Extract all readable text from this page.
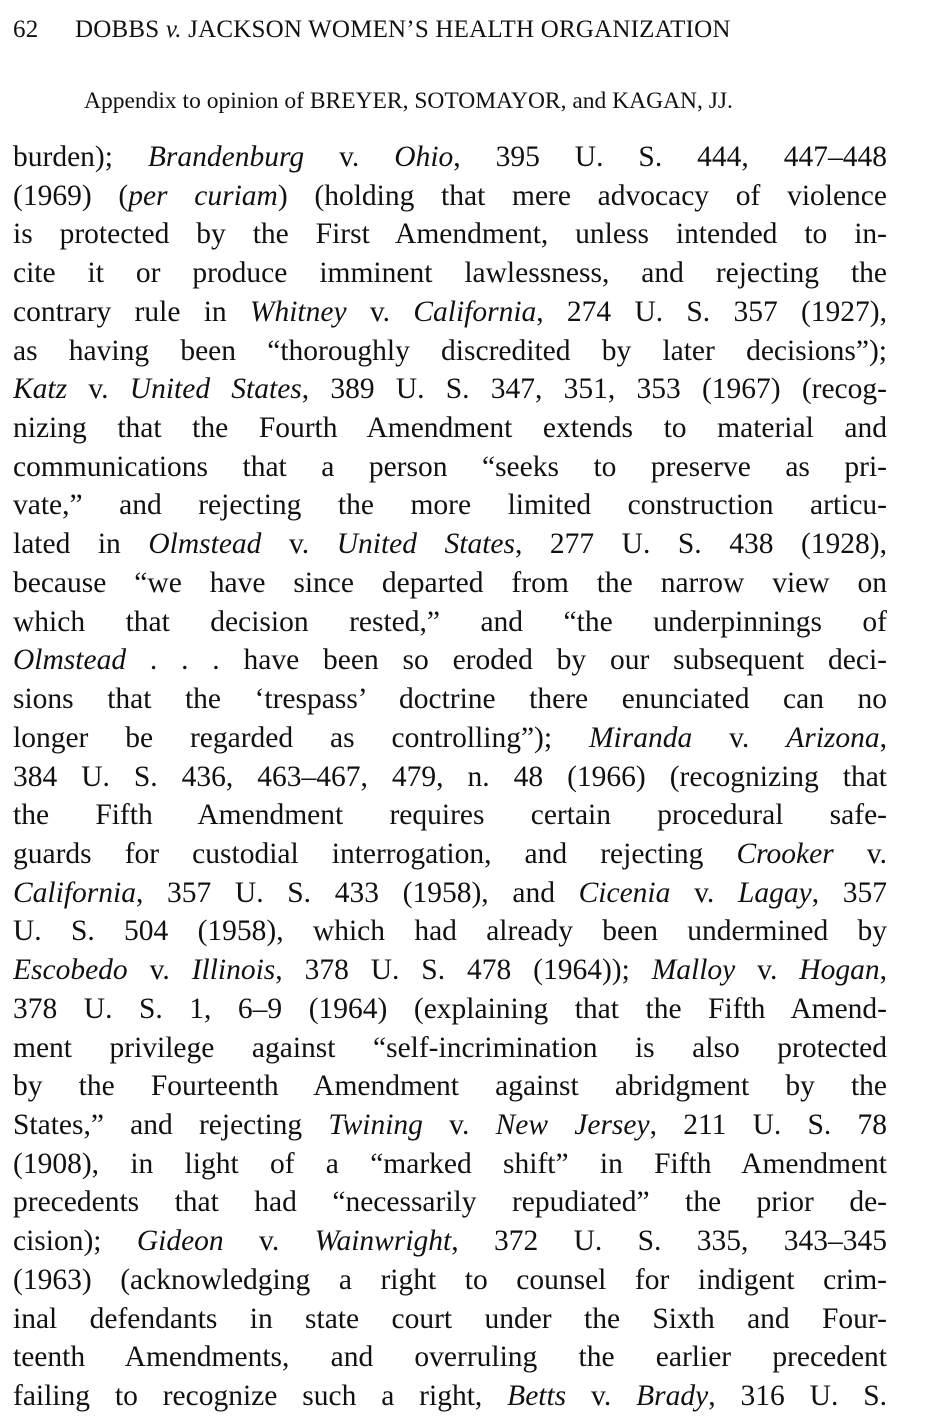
62 DOBBS v. JACKSON WOMEN’S HEALTH ORGANIZATION
Appendix to opinion of BREYER, SOTOMAYOR, and KAGAN, JJ.
burden); Brandenburg v. Ohio, 395 U. S. 444, 447–448
(1969) (per curiam) (holding that mere advocacy of violence
is protected by the First Amendment, unless intended to in-
cite it or produce imminent lawlessness, and rejecting the
contrary rule in Whitney v. California, 274 U. S. 357 (1927),
as having been “thoroughly discredited by later decisions”);
Katz v. United States, 389 U. S. 347, 351, 353 (1967) (recog-
nizing that the Fourth Amendment extends to material and
communications that a person “seeks to preserve as pri-
vate,” and rejecting the more limited construction articu-
lated in Olmstead v. United States, 277 U. S. 438 (1928),
because “we have since departed from the narrow view on
which that decision rested,” and “the underpinnings of
Olmstead . . . have been so eroded by our subsequent deci-
sions that the ‘trespass’ doctrine there enunciated can no
longer be regarded as controlling”); Miranda v. Arizona,
384 U. S. 436, 463–467, 479, n. 48 (1966) (recognizing that
the Fifth Amendment requires certain procedural safe-
guards for custodial interrogation, and rejecting Crooker v.
California, 357 U. S. 433 (1958), and Cicenia v. Lagay, 357
U. S. 504 (1958), which had already been undermined by
Escobedo v. Illinois, 378 U. S. 478 (1964)); Malloy v. Hogan,
378 U. S. 1, 6–9 (1964) (explaining that the Fifth Amend-
ment privilege against “self-incrimination is also protected
by the Fourteenth Amendment against abridgment by the
States,” and rejecting Twining v. New Jersey, 211 U. S. 78
(1908), in light of a “marked shift” in Fifth Amendment
precedents that had “necessarily repudiated” the prior de-
cision); Gideon v. Wainwright, 372 U. S. 335, 343–345
(1963) (acknowledging a right to counsel for indigent crim-
inal defendants in state court under the Sixth and Four-
teenth Amendments, and overruling the earlier precedent
failing to recognize such a right, Betts v. Brady, 316 U. S.
